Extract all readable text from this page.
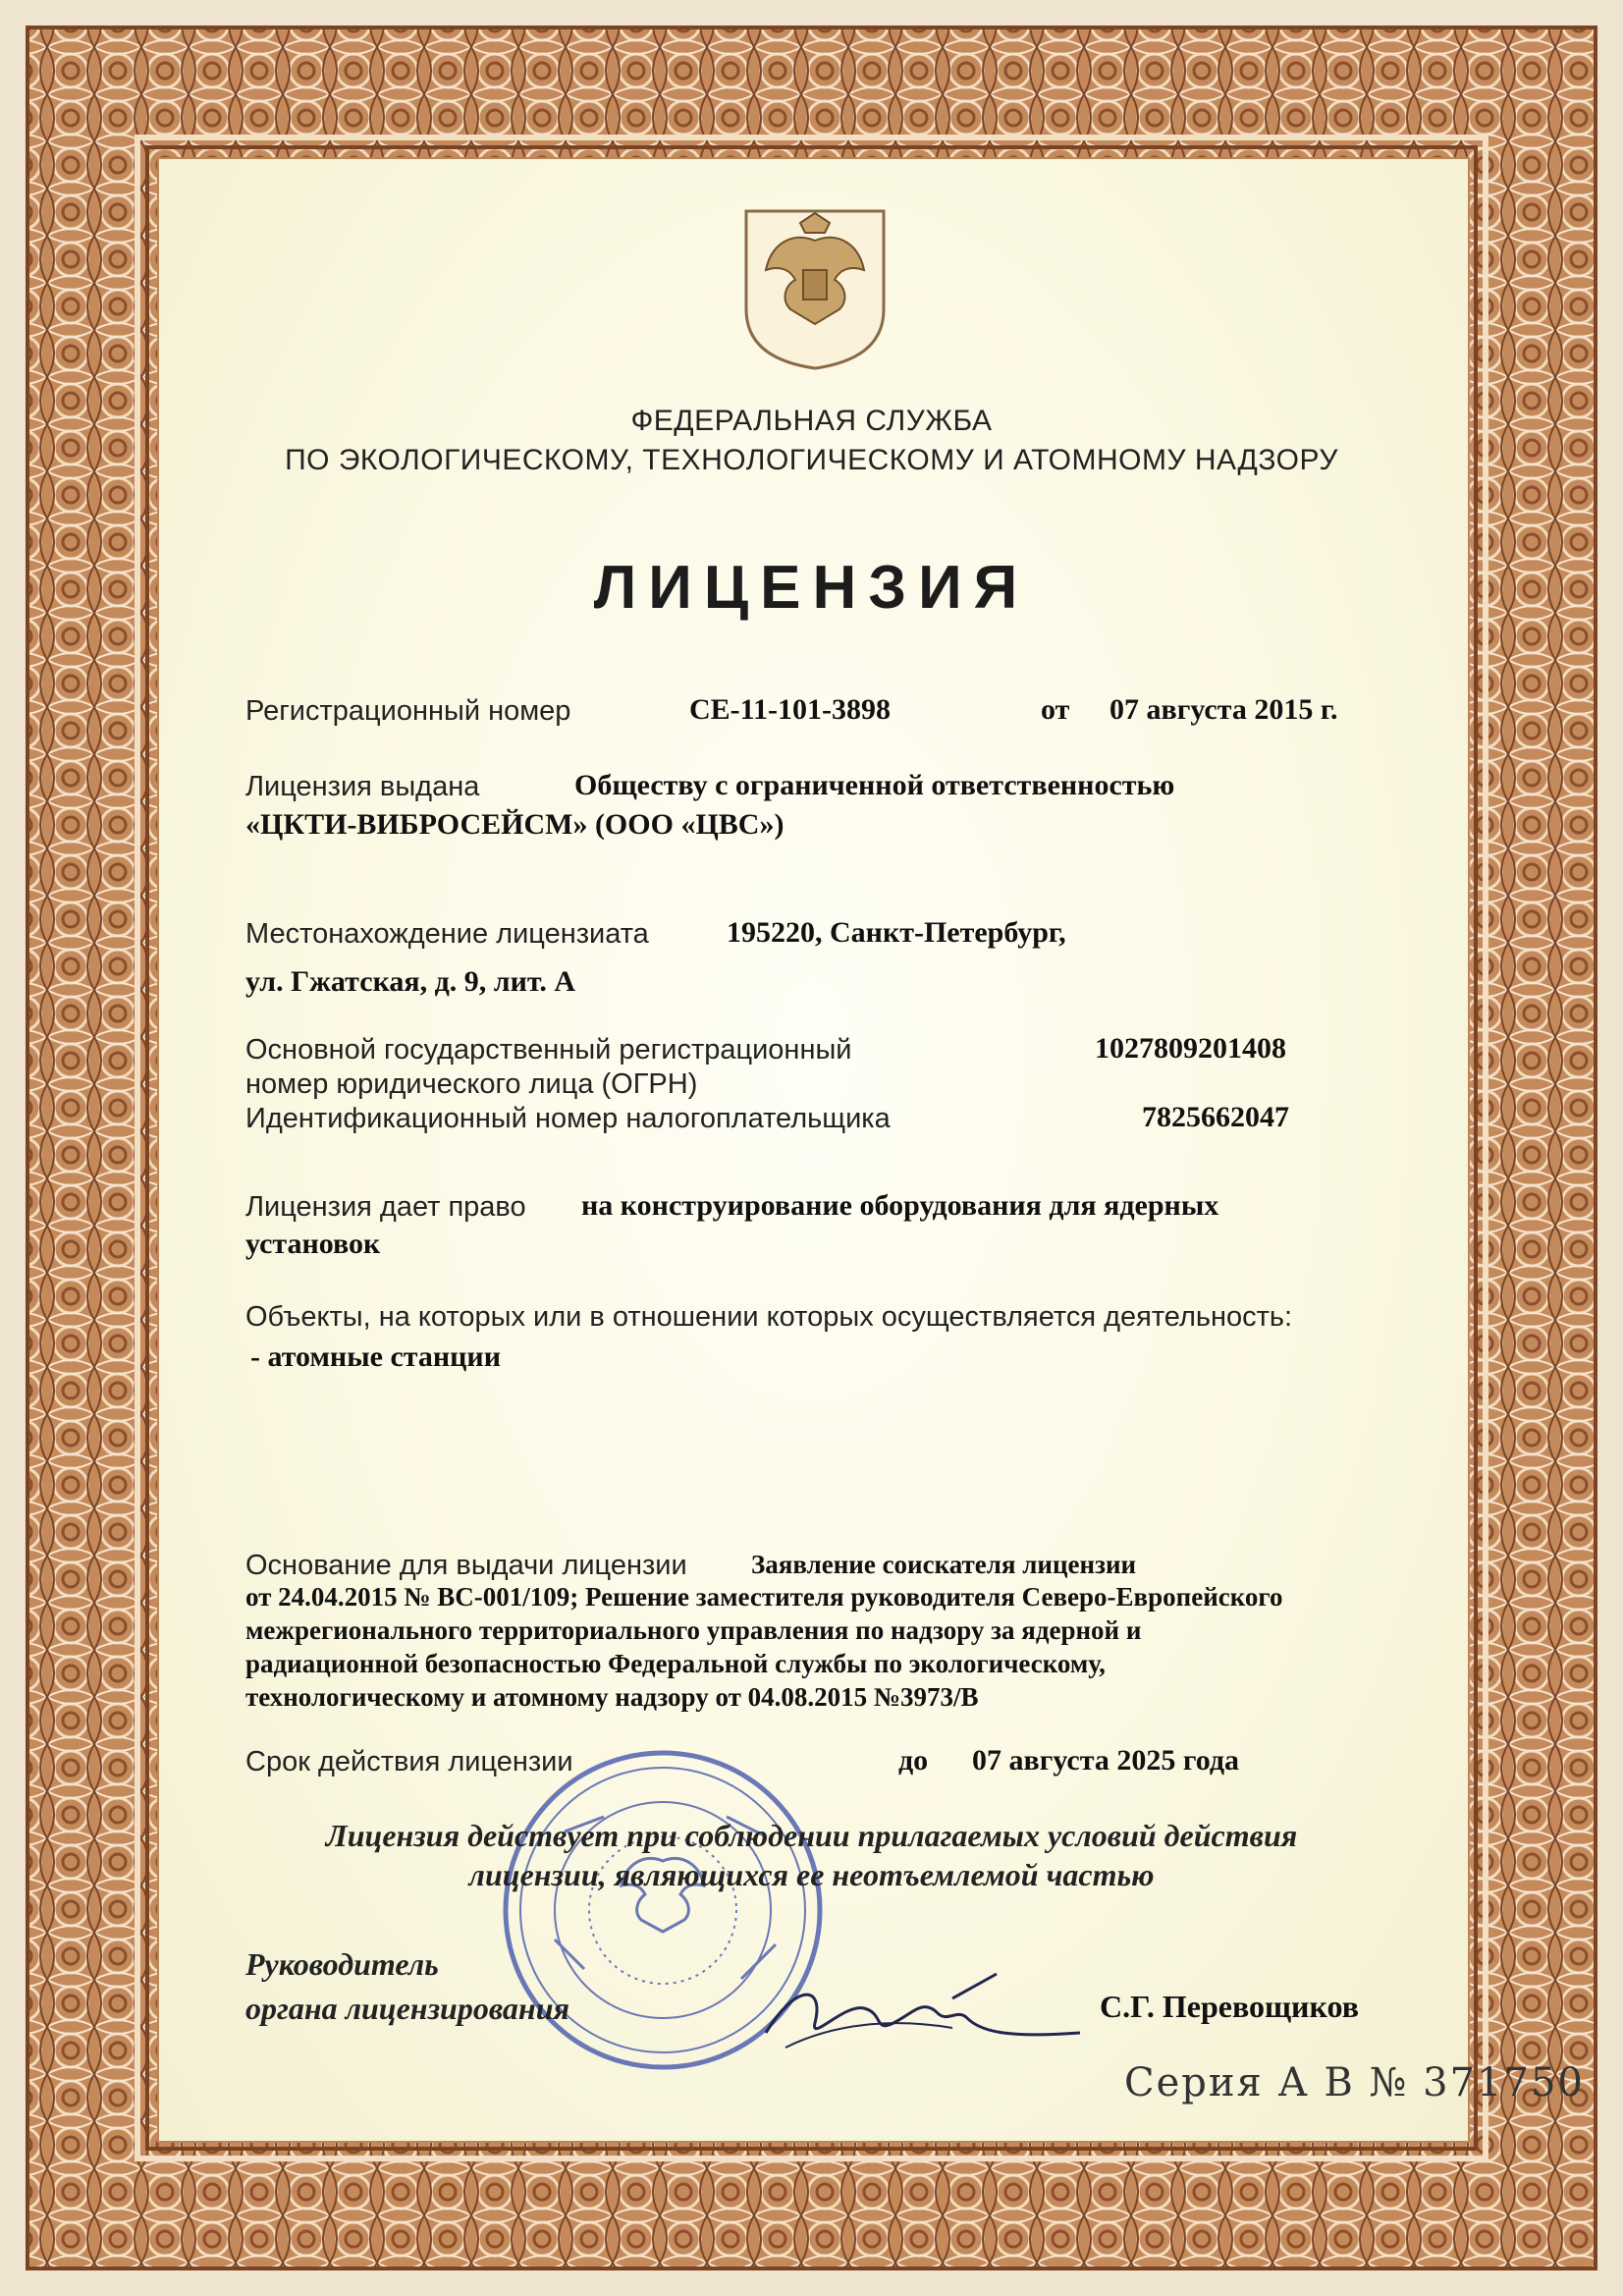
ФЕДЕРАЛЬНАЯ СЛУЖБА
ПО ЭКОЛОГИЧЕСКОМУ, ТЕХНОЛОГИЧЕСКОМУ И АТОМНОМУ НАДЗОРУ
ЛИЦЕНЗИЯ
Регистрационный номер	СЕ-11-101-3898	от 07 августа 2015 г.
Лицензия выдана	Обществу с ограниченной ответственностью
«ЦКТИ-ВИБРОСЕЙСМ» (ООО «ЦВС»)
Местонахождение лицензиата	195220, Санкт-Петербург,
ул. Гжатская, д. 9, лит. А
Основной государственный регистрационный
номер юридического лица (ОГРН)
1027809201408
Идентификационный номер налогоплательщика	7825662047
Лицензия дает право на конструирование оборудования для ядерных
установок
Объекты, на которых или в отношении которых осуществляется деятельность:
- атомные станции
Основание для выдачи лицензии Заявление соискателя лицензии
от 24.04.2015 № ВС-001/109; Решение заместителя руководителя Северо-Европейского
межрегионального территориального управления по надзору за ядерной и
радиационной безопасностью Федеральной службы по экологическому,
технологическому и атомному надзору от 04.08.2015 №3973/В
Срок действия лицензии	до 07 августа 2025 года
Лицензия действует при соблюдении прилагаемых условий действия
лицензии, являющихся ее неотъемлемой частью
Руководитель
органа лицензирования	С.Г. Перевощиков
Серия А В № 371750
